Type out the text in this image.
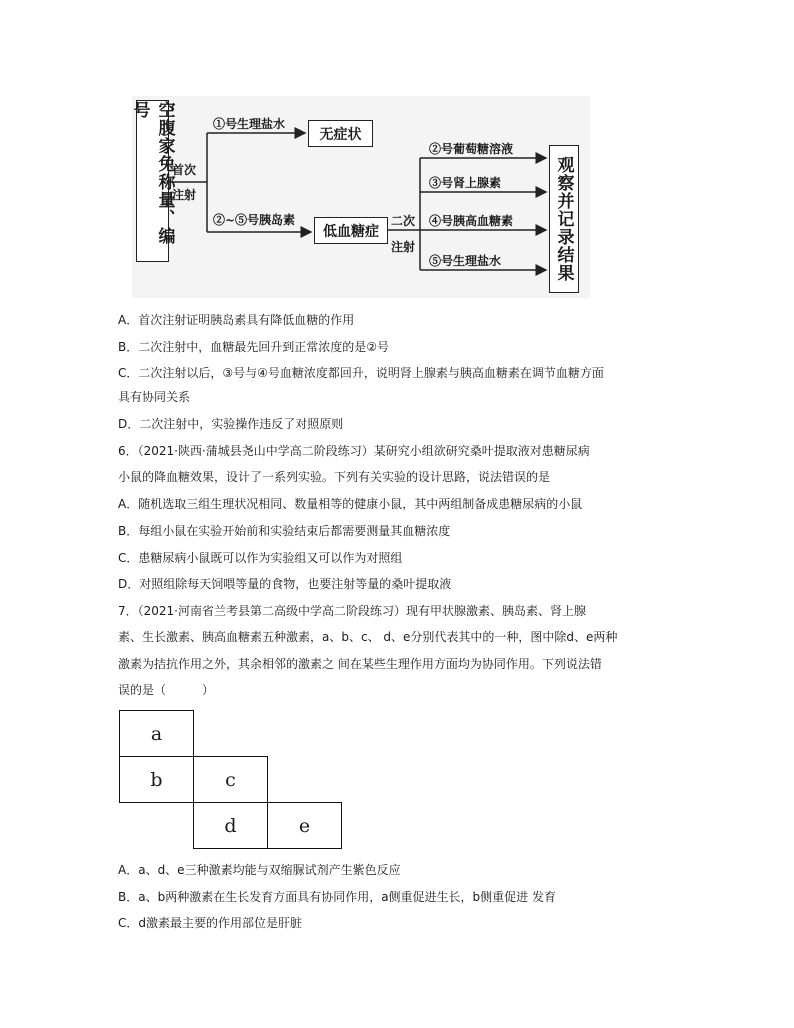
空腹家兔称量、编号
首次
注射
①号生理盐水
无症状
②~⑤号胰岛素
低血糖症
二次
注射
②号葡萄糖溶液
③号肾上腺素
④号胰高血糖素
⑤号生理盐水	观察并记录结果
A．首次注射证明胰岛素具有降低血糖的作用
B．二次注射中，血糖最先回升到正常浓度的是②号
C．二次注射以后，③号与④号血糖浓度都回升，说明肾上腺素与胰高血糖素在调节血糖方面
具有协同关系
D．二次注射中，实验操作违反了对照原则
6．（2021·陕西·蒲城县尧山中学高二阶段练习）某研究小组欲研究桑叶提取液对患糖尿病
小鼠的降血糖效果，设计了一系列实验。下列有关实验的设计思路，说法错误的是
A．随机选取三组生理状况相同、数量相等的健康小鼠，其中两组制备成患糖尿病的小鼠
B．每组小鼠在实验开始前和实验结束后都需要测量其血糖浓度
C．患糖尿病小鼠既可以作为实验组又可以作为对照组
D．对照组除每天饲喂等量的食物，也要注射等量的桑叶提取液
7．（2021·河南省兰考县第二高级中学高二阶段练习）现有甲状腺激素、胰岛素、肾上腺
素、生长激素、胰高血糖素五种激素，a、b、c、 d、e分别代表其中的一种，图中除d、e两种
激素为拮抗作用之外，其余相邻的激素之 间在某些生理作用方面均为协同作用。下列说法错
误的是（　　　）
a
b	c
d	e
A．a、d、e三种激素均能与双缩脲试剂产生紫色反应
B．a、b两种激素在生长发育方面具有协同作用，a侧重促进生长，b侧重促进 发育
C．d激素最主要的作用部位是肝脏
